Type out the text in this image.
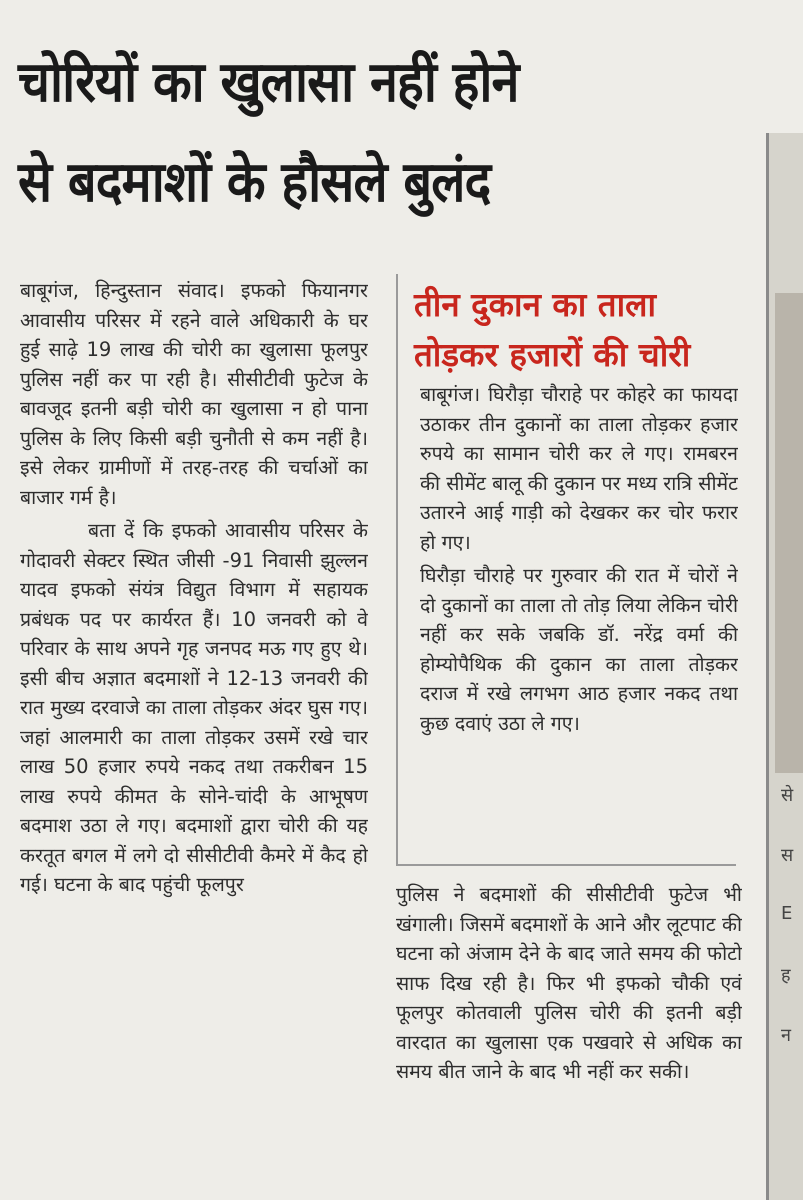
चोरियों का खुलासा नहीं होने
से बदमाशों के हौसले बुलंद

बाबूगंज, हिन्दुस्तान संवाद। इफको फियानगर आवासीय परिसर में रहने वाले अधिकारी के घर हुई साढ़े 19 लाख की चोरी का खुलासा फूलपुर पुलिस नहीं कर पा रही है। सीसीटीवी फुटेज के बावजूद इतनी बड़ी चोरी का खुलासा न हो पाना पुलिस के लिए किसी बड़ी चुनौती से कम नहीं है। इसे लेकर ग्रामीणों में तरह-तरह की चर्चाओं का बाजार गर्म है।

बता दें कि इफको आवासीय परिसर के गोदावरी सेक्टर स्थित जीसी -91 निवासी झुल्लन यादव इफको संयंत्र विद्युत विभाग में सहायक प्रबंधक पद पर कार्यरत हैं। 10 जनवरी को वे परिवार के साथ अपने गृह जनपद मऊ गए हुए थे। इसी बीच अज्ञात बदमाशों ने 12-13 जनवरी की रात मुख्य दरवाजे का ताला तोड़कर अंदर घुस गए। जहां आलमारी का ताला तोड़कर उसमें रखे चार लाख 50 हजार रुपये नकद तथा तकरीबन 15 लाख रुपये कीमत के सोने-चांदी के आभूषण बदमाश उठा ले गए। बदमाशों द्वारा चोरी की यह करतूत बगल में लगे दो सीसीटीवी कैमरे में कैद हो गई। घटना के बाद पहुंची फूलपुर

तीन दुकान का ताला
तोड़कर हजारों की चोरी

बाबूगंज। घिरौड़ा चौराहे पर कोहरे का फायदा उठाकर तीन दुकानों का ताला तोड़कर हजार रुपये का सामान चोरी कर ले गए। रामबरन की सीमेंट बालू की दुकान पर मध्य रात्रि सीमेंट उतारने आई गाड़ी को देखकर कर चोर फरार हो गए।

घिरौड़ा चौराहे पर गुरुवार की रात में चोरों ने दो दुकानों का ताला तो तोड़ लिया लेकिन चोरी नहीं कर सके जबकि डॉ. नरेंद्र वर्मा की होम्योपैथिक की दुकान का ताला तोड़कर दराज में रखे लगभग आठ हजार नकद तथा कुछ दवाएं उठा ले गए।

पुलिस ने बदमाशों की सीसीटीवी फुटेज भी खंगाली। जिसमें बदमाशों के आने और लूटपाट की घटना को अंजाम देने के बाद जाते समय की फोटो साफ दिख रही है। फिर भी इफको चौकी एवं फूलपुर कोतवाली पुलिस चोरी की इतनी बड़ी वारदात का खुलासा एक पखवारे से अधिक का समय बीत जाने के बाद भी नहीं कर सकी।

से
स
E
ह
न
